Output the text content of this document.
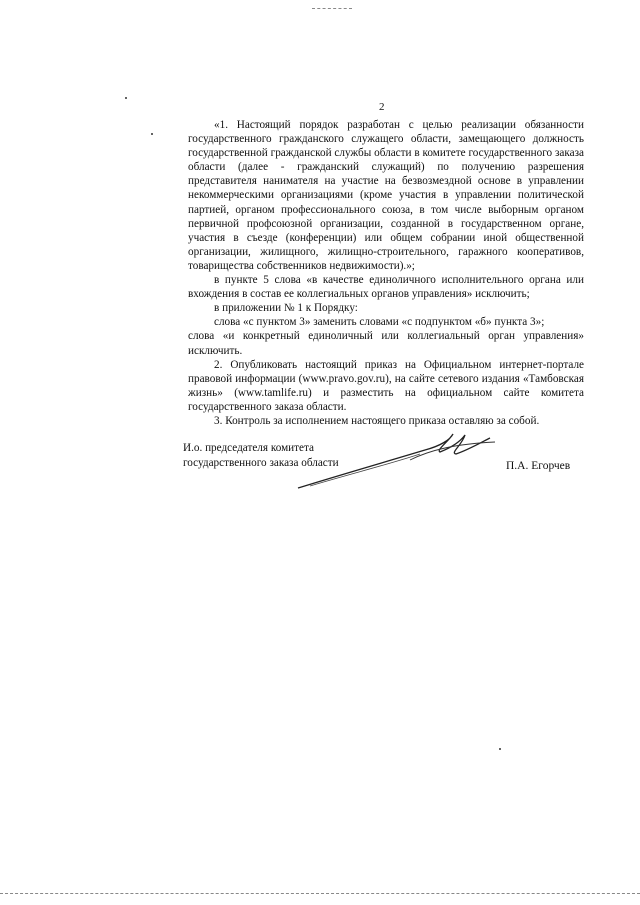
2

«1. Настоящий порядок разработан с целью реализации обязанности государственного гражданского служащего области, замещающего должность государственной гражданской службы области в комитете государственного заказа области (далее - гражданский служащий) по получению разрешения представителя нанимателя на участие на безвозмездной основе в управлении некоммерческими организациями (кроме участия в управлении политической партией, органом профессионального союза, в том числе выборным органом первичной профсоюзной организации, созданной в государственном органе, участия в съезде (конференции) или общем собрании иной общественной организации, жилищного, жилищно-строительного, гаражного кооперативов, товарищества собственников недвижимости).»;

в пункте 5 слова «в качестве единоличного исполнительного органа или вхождения в состав ее коллегиальных органов управления» исключить;

в приложении № 1 к Порядку:

слова «с пунктом 3» заменить словами «с подпунктом «б» пункта 3»;

слова «и конкретный единоличный или коллегиальный орган управления» исключить.

2. Опубликовать настоящий приказ на Официальном интернет-портале правовой информации (www.pravo.gov.ru), на сайте сетевого издания «Тамбовская жизнь» (www.tamlife.ru) и разместить на официальном сайте комитета государственного заказа области.

3. Контроль за исполнением настоящего приказа оставляю за собой.

И.о. председателя комитета
государственного заказа области	П.А. Егорчев
